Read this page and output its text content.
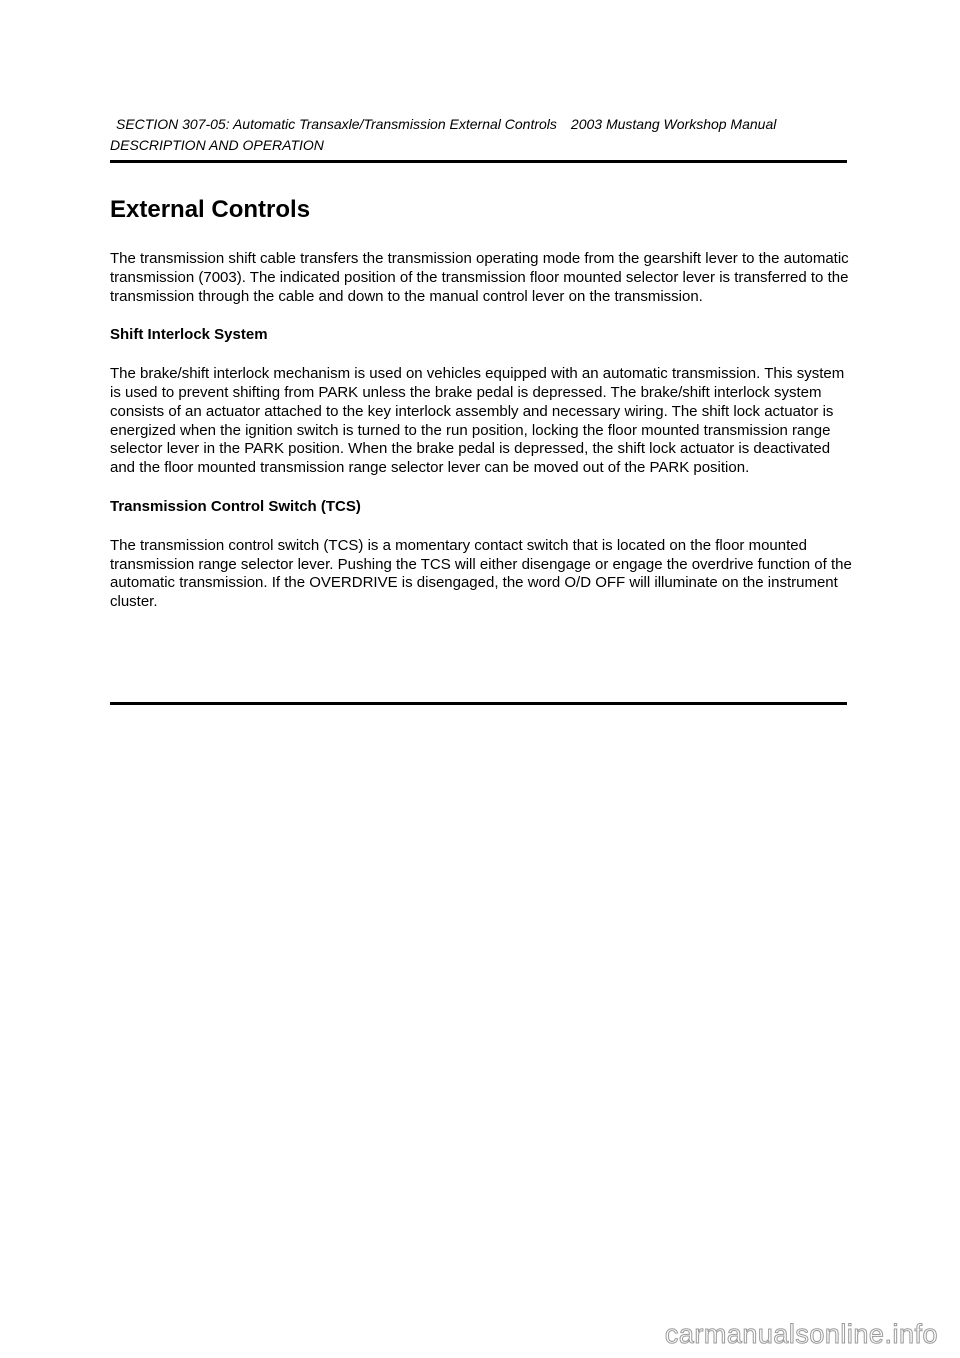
SECTION 307-05: Automatic Transaxle/Transmission External Controls 2003 Mustang Workshop Manual
DESCRIPTION AND OPERATION
External Controls

The transmission shift cable transfers the transmission operating mode from the gearshift lever to the automatic transmission (7003). The indicated position of the transmission floor mounted selector lever is transferred to the transmission through the cable and down to the manual control lever on the transmission.

Shift Interlock System

The brake/shift interlock mechanism is used on vehicles equipped with an automatic transmission. This system is used to prevent shifting from PARK unless the brake pedal is depressed. The brake/shift interlock system consists of an actuator attached to the key interlock assembly and necessary wiring. The shift lock actuator is energized when the ignition switch is turned to the run position, locking the floor mounted transmission range selector lever in the PARK position. When the brake pedal is depressed, the shift lock actuator is deactivated and the floor mounted transmission range selector lever can be moved out of the PARK position.

Transmission Control Switch (TCS)

The transmission control switch (TCS) is a momentary contact switch that is located on the floor mounted transmission range selector lever. Pushing the TCS will either disengage or engage the overdrive function of the automatic transmission. If the OVERDRIVE is disengaged, the word O/D OFF will illuminate on the instrument cluster.

carmanualsonline.info
